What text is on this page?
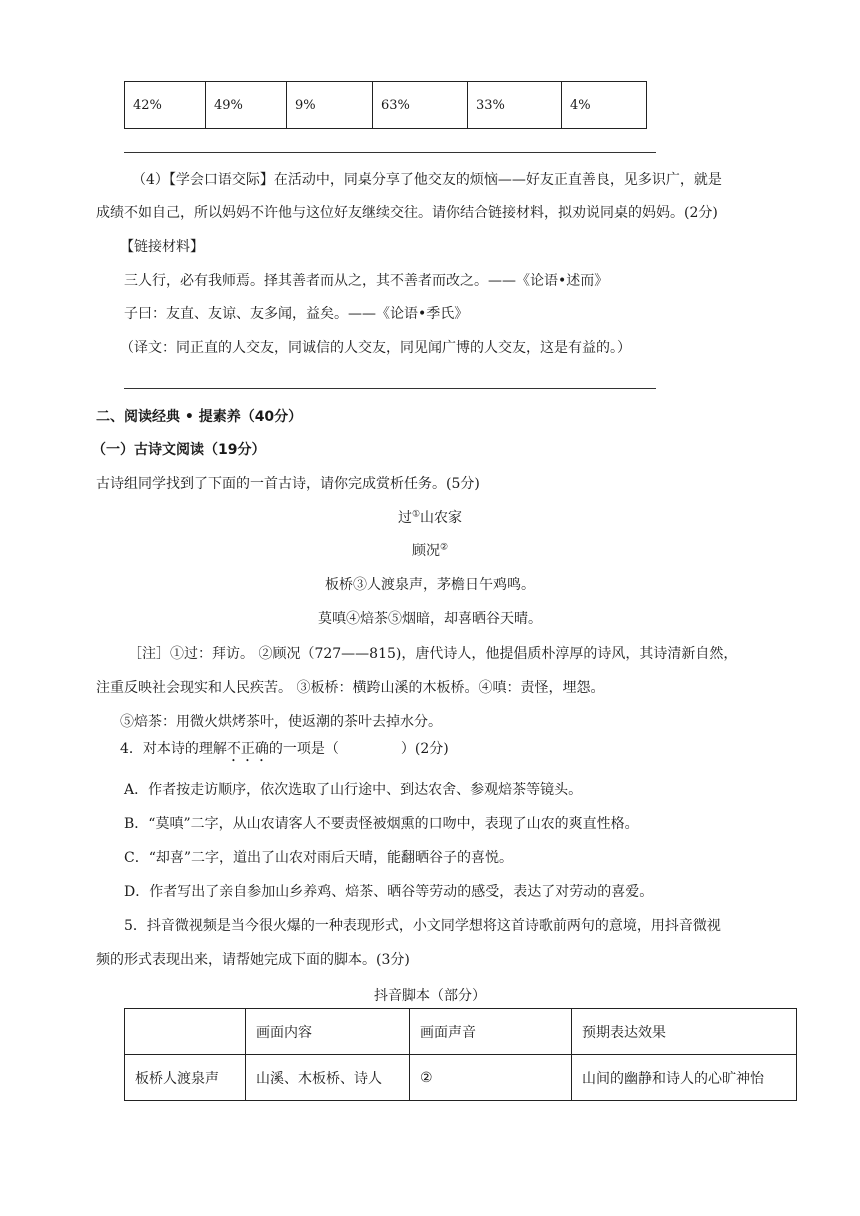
42%	49%	9%	63%	33%	4%
（4）【学会口语交际】在活动中，同桌分享了他交友的烦恼——好友正直善良，见多识广，就是
成绩不如自己，所以妈妈不许他与这位好友继续交往。请你结合链接材料，拟劝说同桌的妈妈。(2分)
【链接材料】
三人行，必有我师焉。择其善者而从之，其不善者而改之。——《论语•述而》
子曰：友直、友谅、友多闻，益矣。——《论语•季氏》
（译文：同正直的人交友，同诚信的人交友，同见闻广博的人交友，这是有益的。）
二、阅读经典 • 提素养（40分）
（一）古诗文阅读（19分）
古诗组同学找到了下面的一首古诗，请你完成赏析任务。(5分)
过①山农家
顾况②
板桥③人渡泉声，茅檐日午鸡鸣。
莫嗔④焙茶⑤烟暗，却喜晒谷天晴。
［注］①过：拜访。 ②顾况（727——815)，唐代诗人，他提倡质朴淳厚的诗风，其诗清新自然，
注重反映社会现实和人民疾苦。 ③板桥：横跨山溪的木板桥。④嗔：责怪，埋怨。
⑤焙茶：用微火烘烤茶叶，使返潮的茶叶去掉水分。
4．对本诗的理解不正确的一项是（	）(2分)
A．作者按走访顺序，依次选取了山行途中、到达农舍、参观焙茶等镜头。
B．“莫嗔”二字，从山农请客人不要责怪被烟熏的口吻中，表现了山农的爽直性格。
C．“却喜”二字，道出了山农对雨后天晴，能翻晒谷子的喜悦。
D．作者写出了亲自参加山乡养鸡、焙茶、晒谷等劳动的感受，表达了对劳动的喜爱。
5．抖音微视频是当今很火爆的一种表现形式，小文同学想将这首诗歌前两句的意境，用抖音微视
频的形式表现出来，请帮她完成下面的脚本。(3分)
抖音脚本（部分）
	画面内容	画面声音	预期表达效果
板桥人渡泉声	山溪、木板桥、诗人	②	山间的幽静和诗人的心旷神怡
